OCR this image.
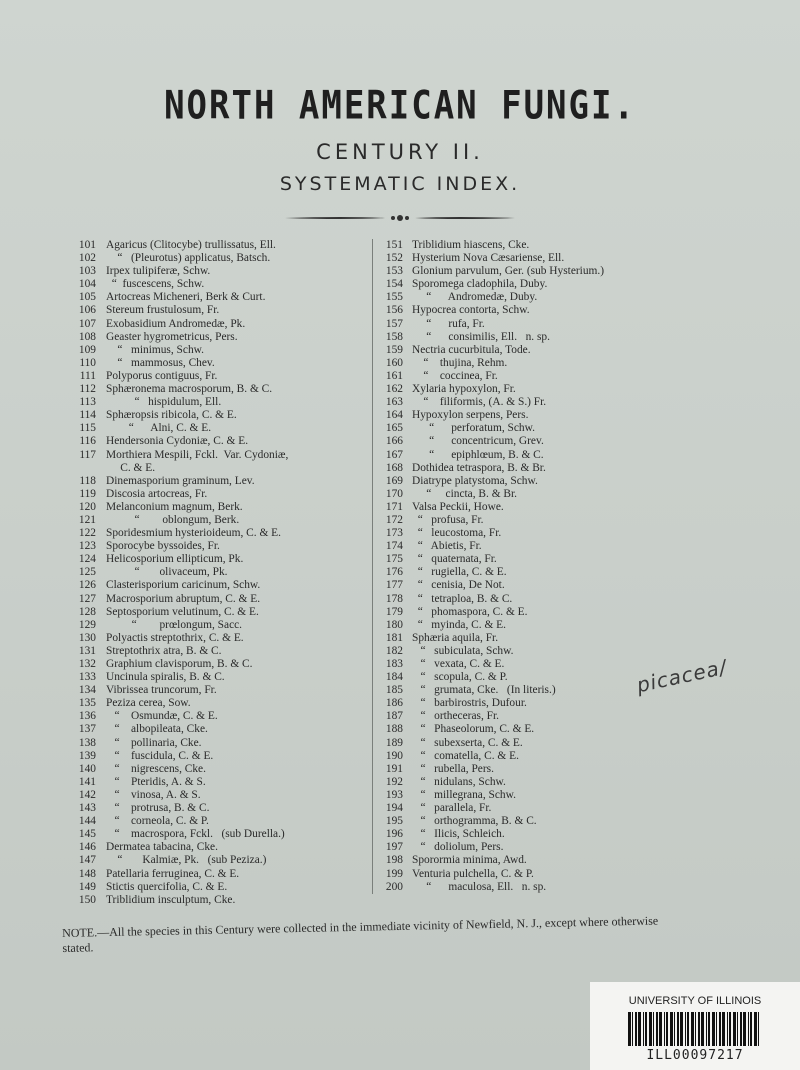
NORTH AMERICAN FUNGI.
CENTURY II.
SYSTEMATIC INDEX.
101 Agaricus (Clitocybe) trullissatus, Ell.
102 “   (Pleurotus) applicatus, Batsch.
103 Irpex tulipiferæ, Schw.
104 “  fuscescens, Schw.
105 Artocreas Micheneri, Berk & Curt.
106 Stereum frustulosum, Fr.
107 Exobasidium Andromedæ, Pk.
108 Geaster hygrometricus, Pers.
109 “   minimus, Schw.
110 “   mammosus, Chev.
111 Polyporus contiguus, Fr.
112 Sphæronema macrosporum, B. & C.
113 “   hispidulum, Ell.
114 Sphæropsis ribicola, C. & E.
115 “      Alni, C. & E.
116 Hendersonia Cydoniæ, C. & E.
117 Morthiera Mespili, Fckl.  Var. Cydoniæ,
C. & E.
118 Dinemasporium graminum, Lev.
119 Discosia artocreas, Fr.
120 Melanconium magnum, Berk.
121 “        oblongum, Berk.
122 Sporidesmium hysterioideum, C. & E.
123 Sporocybe byssoides, Fr.
124 Helicosporium ellipticum, Pk.
125 “       olivaceum, Pk.
126 Clasterisporium caricinum, Schw.
127 Macrosporium abruptum, C. & E.
128 Septosporium velutinum, C. & E.
129 “        prœlongum, Sacc.
130 Polyactis streptothrix, C. & E.
131 Streptothrix atra, B. & C.
132 Graphium clavisporum, B. & C.
133 Uncinula spiralis, B. & C.
134 Vibrissea truncorum, Fr.
135 Peziza cerea, Sow.
136 “    Osmundæ, C. & E.
137 “    albopileata, Cke.
138 “    pollinaria, Cke.
139 “    fuscidula, C. & E.
140 “    nigrescens, Cke.
141 “    Pteridis, A. & S.
142 “    vinosa, A. & S.
143 “    protrusa, B. & C.
144 “    corneola, C. & P.
145 “    macrospora, Fckl.   (sub Durella.)
146 Dermatea tabacina, Cke.
147 “       Kalmiæ, Pk.   (sub Peziza.)
148 Patellaria ferruginea, C. & E.
149 Stictis quercifolia, C. & E.
150 Triblidium insculptum, Cke.
151 Triblidium hiascens, Cke.
152 Hysterium Nova Cæsariense, Ell.
153 Glonium parvulum, Ger. (sub Hysterium.)
154 Sporomega cladophila, Duby.
155 “      Andromedæ, Duby.
156 Hypocrea contorta, Schw.
157 “      rufa, Fr.
158 “      consimilis, Ell.   n. sp.
159 Nectria cucurbitula, Tode.
160 “    thujina, Rehm.
161 “    coccinea, Fr.
162 Xylaria hypoxylon, Fr.
163 “    filiformis, (A. & S.) Fr.
164 Hypoxylon serpens, Pers.
165 “      perforatum, Schw.
166 “      concentricum, Grev.
167 “      epiphlœum, B. & C.
168 Dothidea tetraspora, B. & Br.
169 Diatrype platystoma, Schw.
170 “     cincta, B. & Br.
171 Valsa Peckii, Howe.
172 “   profusa, Fr.
173 “   leucostoma, Fr.
174 “   Abietis, Fr.
175 “   quaternata, Fr.
176 “   rugiella, C. & E.
177 “   cenisia, De Not.
178 “   tetraploa, B. & C.
179 “   phomaspora, C. & E.
180 “   myinda, C. & E.
181 Sphæria aquila, Fr.
182 “   subiculata, Schw.
183 “   vexata, C. & E.
184 “   scopula, C. & P.
185 “   grumata, Cke.   (In literis.)
186 “   barbirostris, Dufour.
187 “   ortheceras, Fr.
188 “   Phaseolorum, C. & E.
189 “   subexserta, C. & E.
190 “   comatella, C. & E.
191 “   rubella, Pers.
192 “   nidulans, Schw.
193 “   millegrana, Schw.
194 “   parallela, Fr.
195 “   orthogramma, B. & C.
196 “   Ilicis, Schleich.
197 “   doliolum, Pers.
198 Sporormia minima, Awd.
199 Venturia pulchella, C. & P.
200 “      maculosa, Ell.   n. sp.
picacea/
NOTE.—All the species in this Century were collected in the immediate vicinity of Newfield, N. J., except where otherwise stated.
UNIVERSITY OF ILLINOIS
ILL00097217
